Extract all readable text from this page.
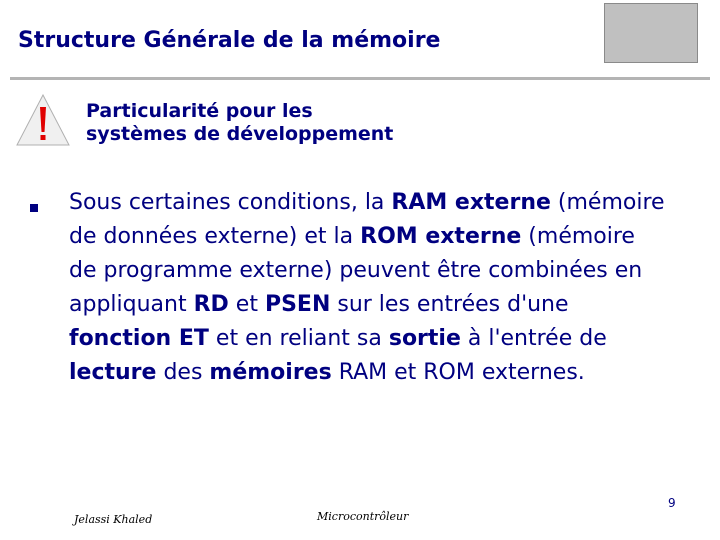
Structure Générale de la mémoire
Particularité pour les
systèmes de développement

Sous certaines conditions, la RAM externe (mémoire de données externe) et la ROM externe (mémoire de programme externe) peuvent être combinées en appliquant RD et PSEN sur les entrées d'une fonction ET et en reliant sa sortie à l'entrée de lecture des mémoires RAM et ROM externes.

Jelassi Khaled	Microcontrôleur
9
